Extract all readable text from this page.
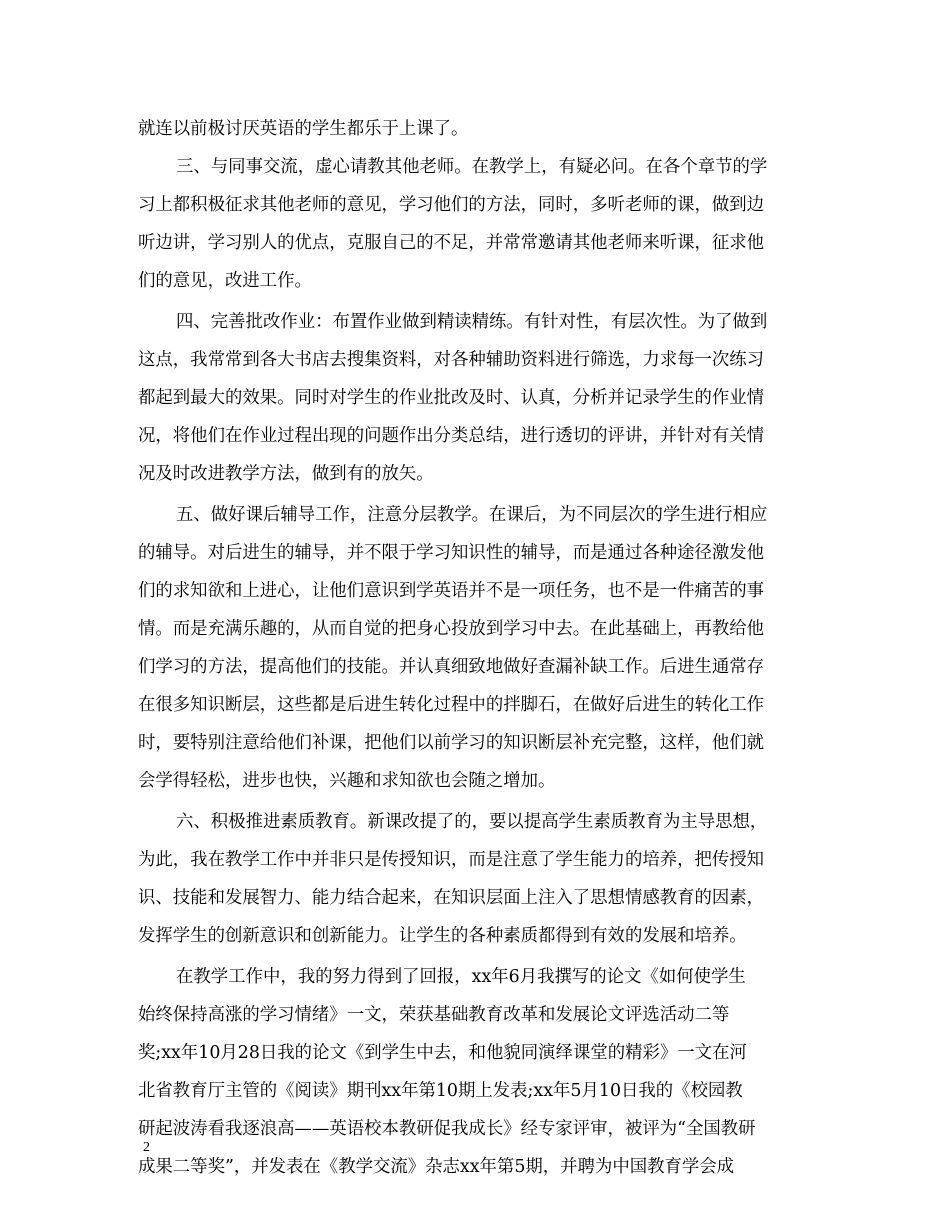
就连以前极讨厌英语的学生都乐于上课了。
三、与同事交流，虚心请教其他老师。在教学上，有疑必问。在各个章节的学
习上都积极征求其他老师的意见，学习他们的方法，同时，多听老师的课，做到边
听边讲，学习别人的优点，克服自己的不足，并常常邀请其他老师来听课，征求他
们的意见，改进工作。
四、完善批改作业：布置作业做到精读精练。有针对性，有层次性。为了做到
这点，我常常到各大书店去搜集资料，对各种辅助资料进行筛选，力求每一次练习
都起到最大的效果。同时对学生的作业批改及时、认真，分析并记录学生的作业情
况，将他们在作业过程出现的问题作出分类总结，进行透切的评讲，并针对有关情
况及时改进教学方法，做到有的放矢。
五、做好课后辅导工作，注意分层教学。在课后，为不同层次的学生进行相应
的辅导。对后进生的辅导，并不限于学习知识性的辅导，而是通过各种途径激发他
们的求知欲和上进心，让他们意识到学英语并不是一项任务，也不是一件痛苦的事
情。而是充满乐趣的，从而自觉的把身心投放到学习中去。在此基础上，再教给他
们学习的方法，提高他们的技能。并认真细致地做好查漏补缺工作。后进生通常存
在很多知识断层，这些都是后进生转化过程中的拌脚石，在做好后进生的转化工作
时，要特别注意给他们补课，把他们以前学习的知识断层补充完整，这样，他们就
会学得轻松，进步也快，兴趣和求知欲也会随之增加。
六、积极推进素质教育。新课改提了的，要以提高学生素质教育为主导思想，
为此，我在教学工作中并非只是传授知识，而是注意了学生能力的培养，把传授知
识、技能和发展智力、能力结合起来，在知识层面上注入了思想情感教育的因素，
发挥学生的创新意识和创新能力。让学生的各种素质都得到有效的发展和培养。
在教学工作中，我的努力得到了回报，xx年6月我撰写的论文《如何使学生
始终保持高涨的学习情绪》一文，荣获基础教育改革和发展论文评选活动二等
奖;xx年10月28日我的论文《到学生中去，和他貌同演绎课堂的精彩》一文在河
北省教育厅主管的《阅读》期刊xx年第10期上发表;xx年5月10日我的《校园教
研起波涛看我逐浪高——英语校本教研促我成长》经专家评审，被评为“全国教研
成果二等奖”，并发表在《教学交流》杂志xx年第5期，并聘为中国教育学会成
2
